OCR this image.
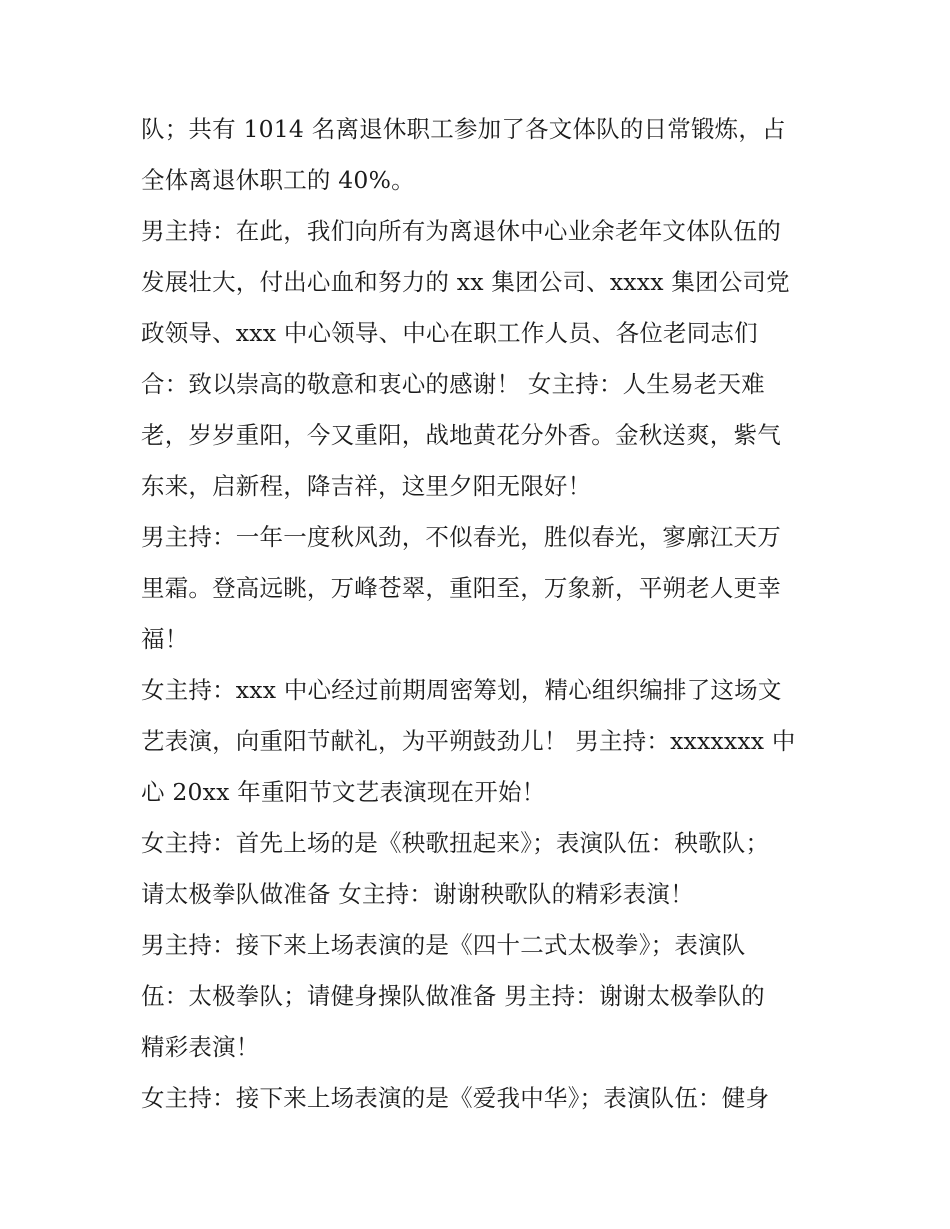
队；共有 1014 名离退休职工参加了各文体队的日常锻炼，占
全体离退休职工的 40%。
男主持：在此，我们向所有为离退休中心业余老年文体队伍的
发展壮大，付出心血和努力的 xx 集团公司、xxxx 集团公司党
政领导、xxx 中心领导、中心在职工作人员、各位老同志们
合：致以崇高的敬意和衷心的感谢！ 女主持：人生易老天难
老，岁岁重阳，今又重阳，战地黄花分外香。金秋送爽，紫气
东来，启新程，降吉祥，这里夕阳无限好！
男主持：一年一度秋风劲，不似春光，胜似春光，寥廓江天万
里霜。登高远眺，万峰苍翠，重阳至，万象新，平朔老人更幸
福！
女主持：xxx 中心经过前期周密筹划，精心组织编排了这场文
艺表演，向重阳节献礼，为平朔鼓劲儿！ 男主持：xxxxxxx 中
心 20xx 年重阳节文艺表演现在开始！
女主持：首先上场的是《秧歌扭起来》；表演队伍：秧歌队；
请太极拳队做准备 女主持：谢谢秧歌队的精彩表演！
男主持：接下来上场表演的是《四十二式太极拳》；表演队
伍：太极拳队；请健身操队做准备 男主持：谢谢太极拳队的
精彩表演！
女主持：接下来上场表演的是《爱我中华》；表演队伍：健身
